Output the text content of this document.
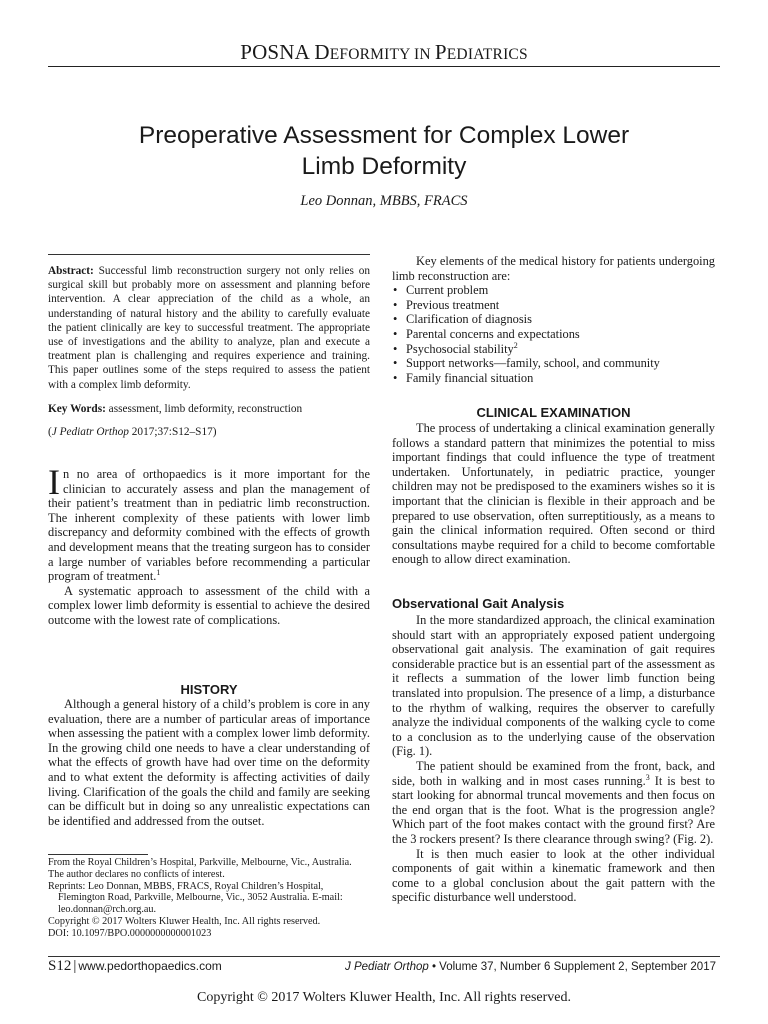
POSNA DEFORMITY IN PEDIATRICS
Preoperative Assessment for Complex Lower
Limb Deformity
Leo Donnan, MBBS, FRACS

Abstract: Successful limb reconstruction surgery not only relies on surgical skill but probably more on assessment and planning before intervention. A clear appreciation of the child as a whole, an understanding of natural history and the ability to carefully evaluate the patient clinically are key to successful treatment. The appropriate use of investigations and the ability to analyze, plan and execute a treatment plan is challenging and requires experience and training. This paper outlines some of the steps required to assess the patient with a complex limb deformity.

Key Words: assessment, limb deformity, reconstruction

(J Pediatr Orthop 2017;37:S12–S17)

In no area of orthopaedics is it more important for the clinician to accurately assess and plan the management of their patient’s treatment than in pediatric limb reconstruction. The inherent complexity of these patients with lower limb discrepancy and deformity combined with the effects of growth and development means that the treating surgeon has to consider a large number of variables before recommending a particular program of treatment.$^1$

A systematic approach to assessment of the child with a complex lower limb deformity is essential to achieve the desired outcome with the lowest rate of complications.

HISTORY

Although a general history of a child’s problem is core in any evaluation, there are a number of particular areas of importance when assessing the patient with a complex lower limb deformity. In the growing child one needs to have a clear understanding of what the effects of growth have had over time on the deformity and to what extent the deformity is affecting activities of daily living. Clarification of the goals the child and family are seeking can be difficult but in doing so any unrealistic expectations can be identified and addressed from the outset.

From the Royal Children’s Hospital, Parkville, Melbourne, Vic., Australia.
The author declares no conflicts of interest.
Reprints: Leo Donnan, MBBS, FRACS, Royal Children’s Hospital, Flemington Road, Parkville, Melbourne, Vic., 3052 Australia. E-mail: leo.donnan@rch.org.au.
Copyright © 2017 Wolters Kluwer Health, Inc. All rights reserved.
DOI: 10.1097/BPO.0000000000001023

Key elements of the medical history for patients undergoing limb reconstruction are:

• Current problem
• Previous treatment
• Clarification of diagnosis
• Parental concerns and expectations
• Psychosocial stability$^2$
• Support networks—family, school, and community
• Family financial situation
CLINICAL EXAMINATION

The process of undertaking a clinical examination generally follows a standard pattern that minimizes the potential to miss important findings that could influence the type of treatment undertaken. Unfortunately, in pediatric practice, younger children may not be predisposed to the examiners wishes so it is important that the clinician is flexible in their approach and be prepared to use observation, often surreptitiously, as a means to gain the clinical information required. Often second or third consultations maybe required for a child to become comfortable enough to allow direct examination.

Observational Gait Analysis

In the more standardized approach, the clinical examination should start with an appropriately exposed patient undergoing observational gait analysis. The examination of gait requires considerable practice but is an essential part of the assessment as it reflects a summation of the lower limb function being translated into propulsion. The presence of a limp, a disturbance to the rhythm of walking, requires the observer to carefully analyze the individual components of the walking cycle to come to a conclusion as to the underlying cause of the observation (Fig. 1).

The patient should be examined from the front, back, and side, both in walking and in most cases running.$^3$ It is best to start looking for abnormal truncal movements and then focus on the end organ that is the foot. What is the progression angle? Which part of the foot makes contact with the ground first? Are the 3 rockers present? Is there clearance through swing? (Fig. 2).

It is then much easier to look at the other individual components of gait within a kinematic framework and then come to a global conclusion about the gait pattern with the specific disturbance well understood.

S12 | www.pedorthopaedics.com	J Pediatr Orthop • Volume 37, Number 6 Supplement 2, September 2017
Copyright © 2017 Wolters Kluwer Health, Inc. All rights reserved.
